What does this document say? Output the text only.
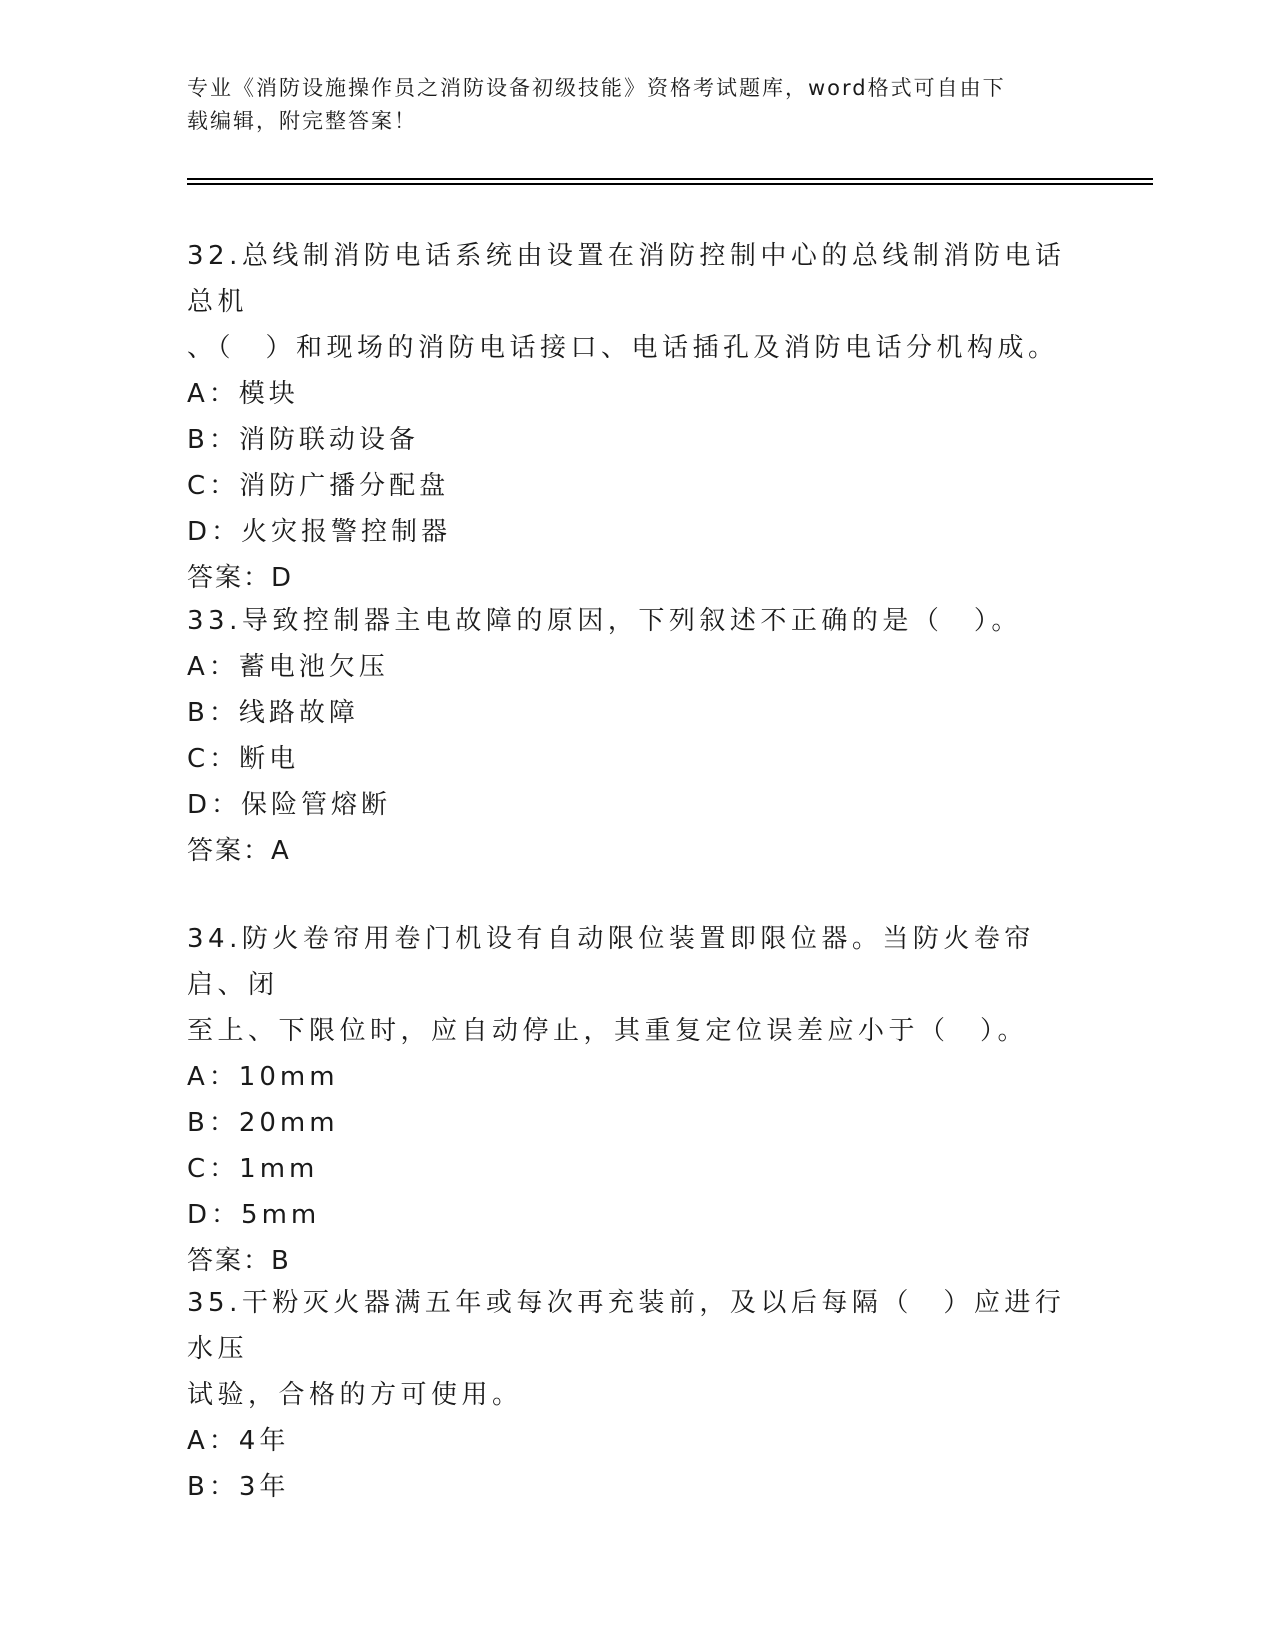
专业《消防设施操作员之消防设备初级技能》资格考试题库，word格式可自由下
载编辑，附完整答案！
32.总线制消防电话系统由设置在消防控制中心的总线制消防电话总机
、（　）和现场的消防电话接口、电话插孔及消防电话分机构成。
A：模块
B：消防联动设备
C：消防广播分配盘
D：火灾报警控制器
答案：D
33.导致控制器主电故障的原因，下列叙述不正确的是（　）。
A：蓄电池欠压
B：线路故障
C：断电
D：保险管熔断
答案：A
34.防火卷帘用卷门机设有自动限位装置即限位器。当防火卷帘启、闭
至上、下限位时，应自动停止，其重复定位误差应小于（　）。
A：10mm
B：20mm
C：1mm
D：5mm
答案：B
35.干粉灭火器满五年或每次再充装前，及以后每隔（　）应进行水压
试验，合格的方可使用。
A：4年
B：3年
